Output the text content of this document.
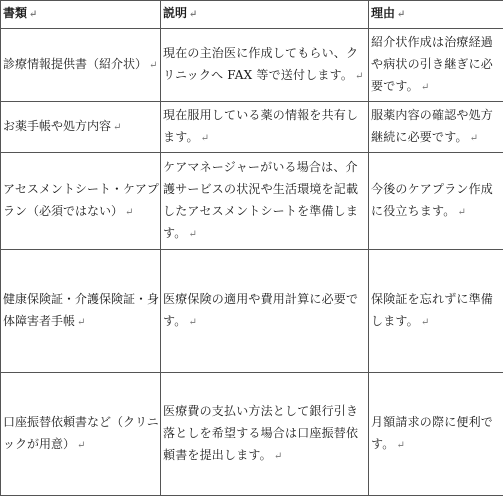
書類 ↵	説明 ↵	理由 ↵
診療情報提供書（紹介状） ↵	現在の主治医に作成してもらい、クリニックへ FAX 等で送付します。 ↵	紹介状作成は治療経過や病状の引き継ぎに必要です。 ↵
お薬手帳や処方内容 ↵	現在服用している薬の情報を共有します。 ↵	服薬内容の確認や処方継続に必要です。 ↵
アセスメントシート・ケアプラン（必須ではない） ↵	ケアマネージャーがいる場合は、介護サービスの状況や生活環境を記載したアセスメントシートを準備します。 ↵	今後のケアプラン作成に役立ちます。 ↵
健康保険証・介護保険証・身体障害者手帳 ↵	医療保険の適用や費用計算に必要です。 ↵	保険証を忘れずに準備します。 ↵
口座振替依頼書など（クリニックが用意） ↵	医療費の支払い方法として銀行引き落としを希望する場合は口座振替依頼書を提出します。 ↵	月額請求の際に便利です。 ↵
